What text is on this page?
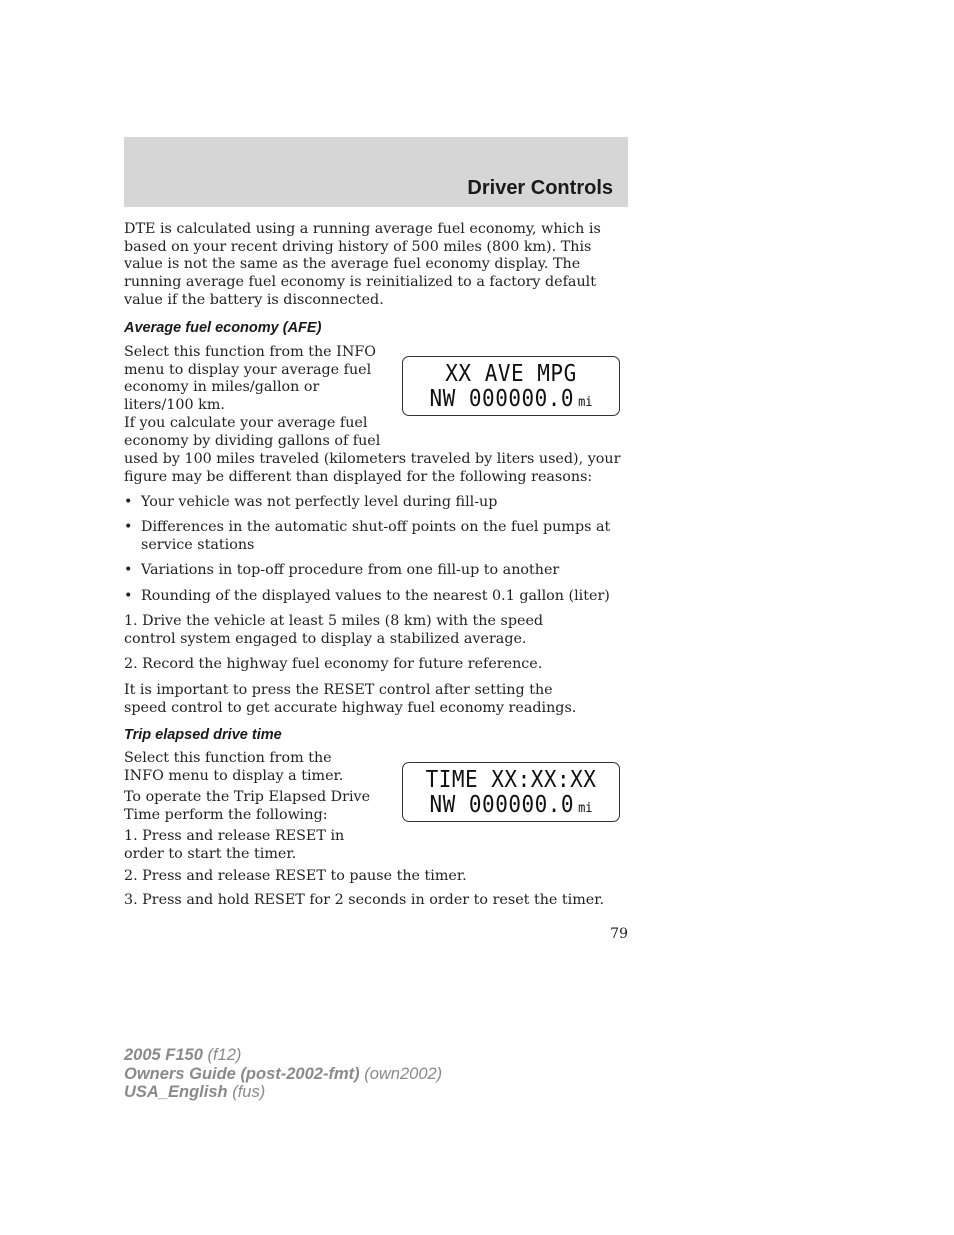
Driver Controls

DTE is calculated using a running average fuel economy, which is based on your recent driving history of 500 miles (800 km). This value is not the same as the average fuel economy display. The running average fuel economy is reinitialized to a factory default value if the battery is disconnected.

Average fuel economy (AFE)

Select this function from the INFO menu to display your average fuel economy in miles/gallon or liters/100 km.

If you calculate your average fuel economy by dividing gallons of fuel

used by 100 miles traveled (kilometers traveled by liters used), your figure may be different than displayed for the following reasons:

XX AVE MPG
NW 000000.0 mi
• Your vehicle was not perfectly level during fill-up
• Differences in the automatic shut-off points on the fuel pumps at service stations
• Variations in top-off procedure from one fill-up to another
• Rounding of the displayed values to the nearest 0.1 gallon (liter)

1. Drive the vehicle at least 5 miles (8 km) with the speed control system engaged to display a stabilized average.

2. Record the highway fuel economy for future reference.

It is important to press the RESET control after setting the speed control to get accurate highway fuel economy readings.

Trip elapsed drive time

Select this function from the INFO menu to display a timer.

To operate the Trip Elapsed Drive Time perform the following:

1. Press and release RESET in order to start the timer.

2. Press and release RESET to pause the timer.

3. Press and hold RESET for 2 seconds in order to reset the timer.

TIME XX:XX:XX
NW 000000.0 mi

79

2005 F150 (f12)
Owners Guide (post-2002-fmt) (own2002)
USA_English (fus)
